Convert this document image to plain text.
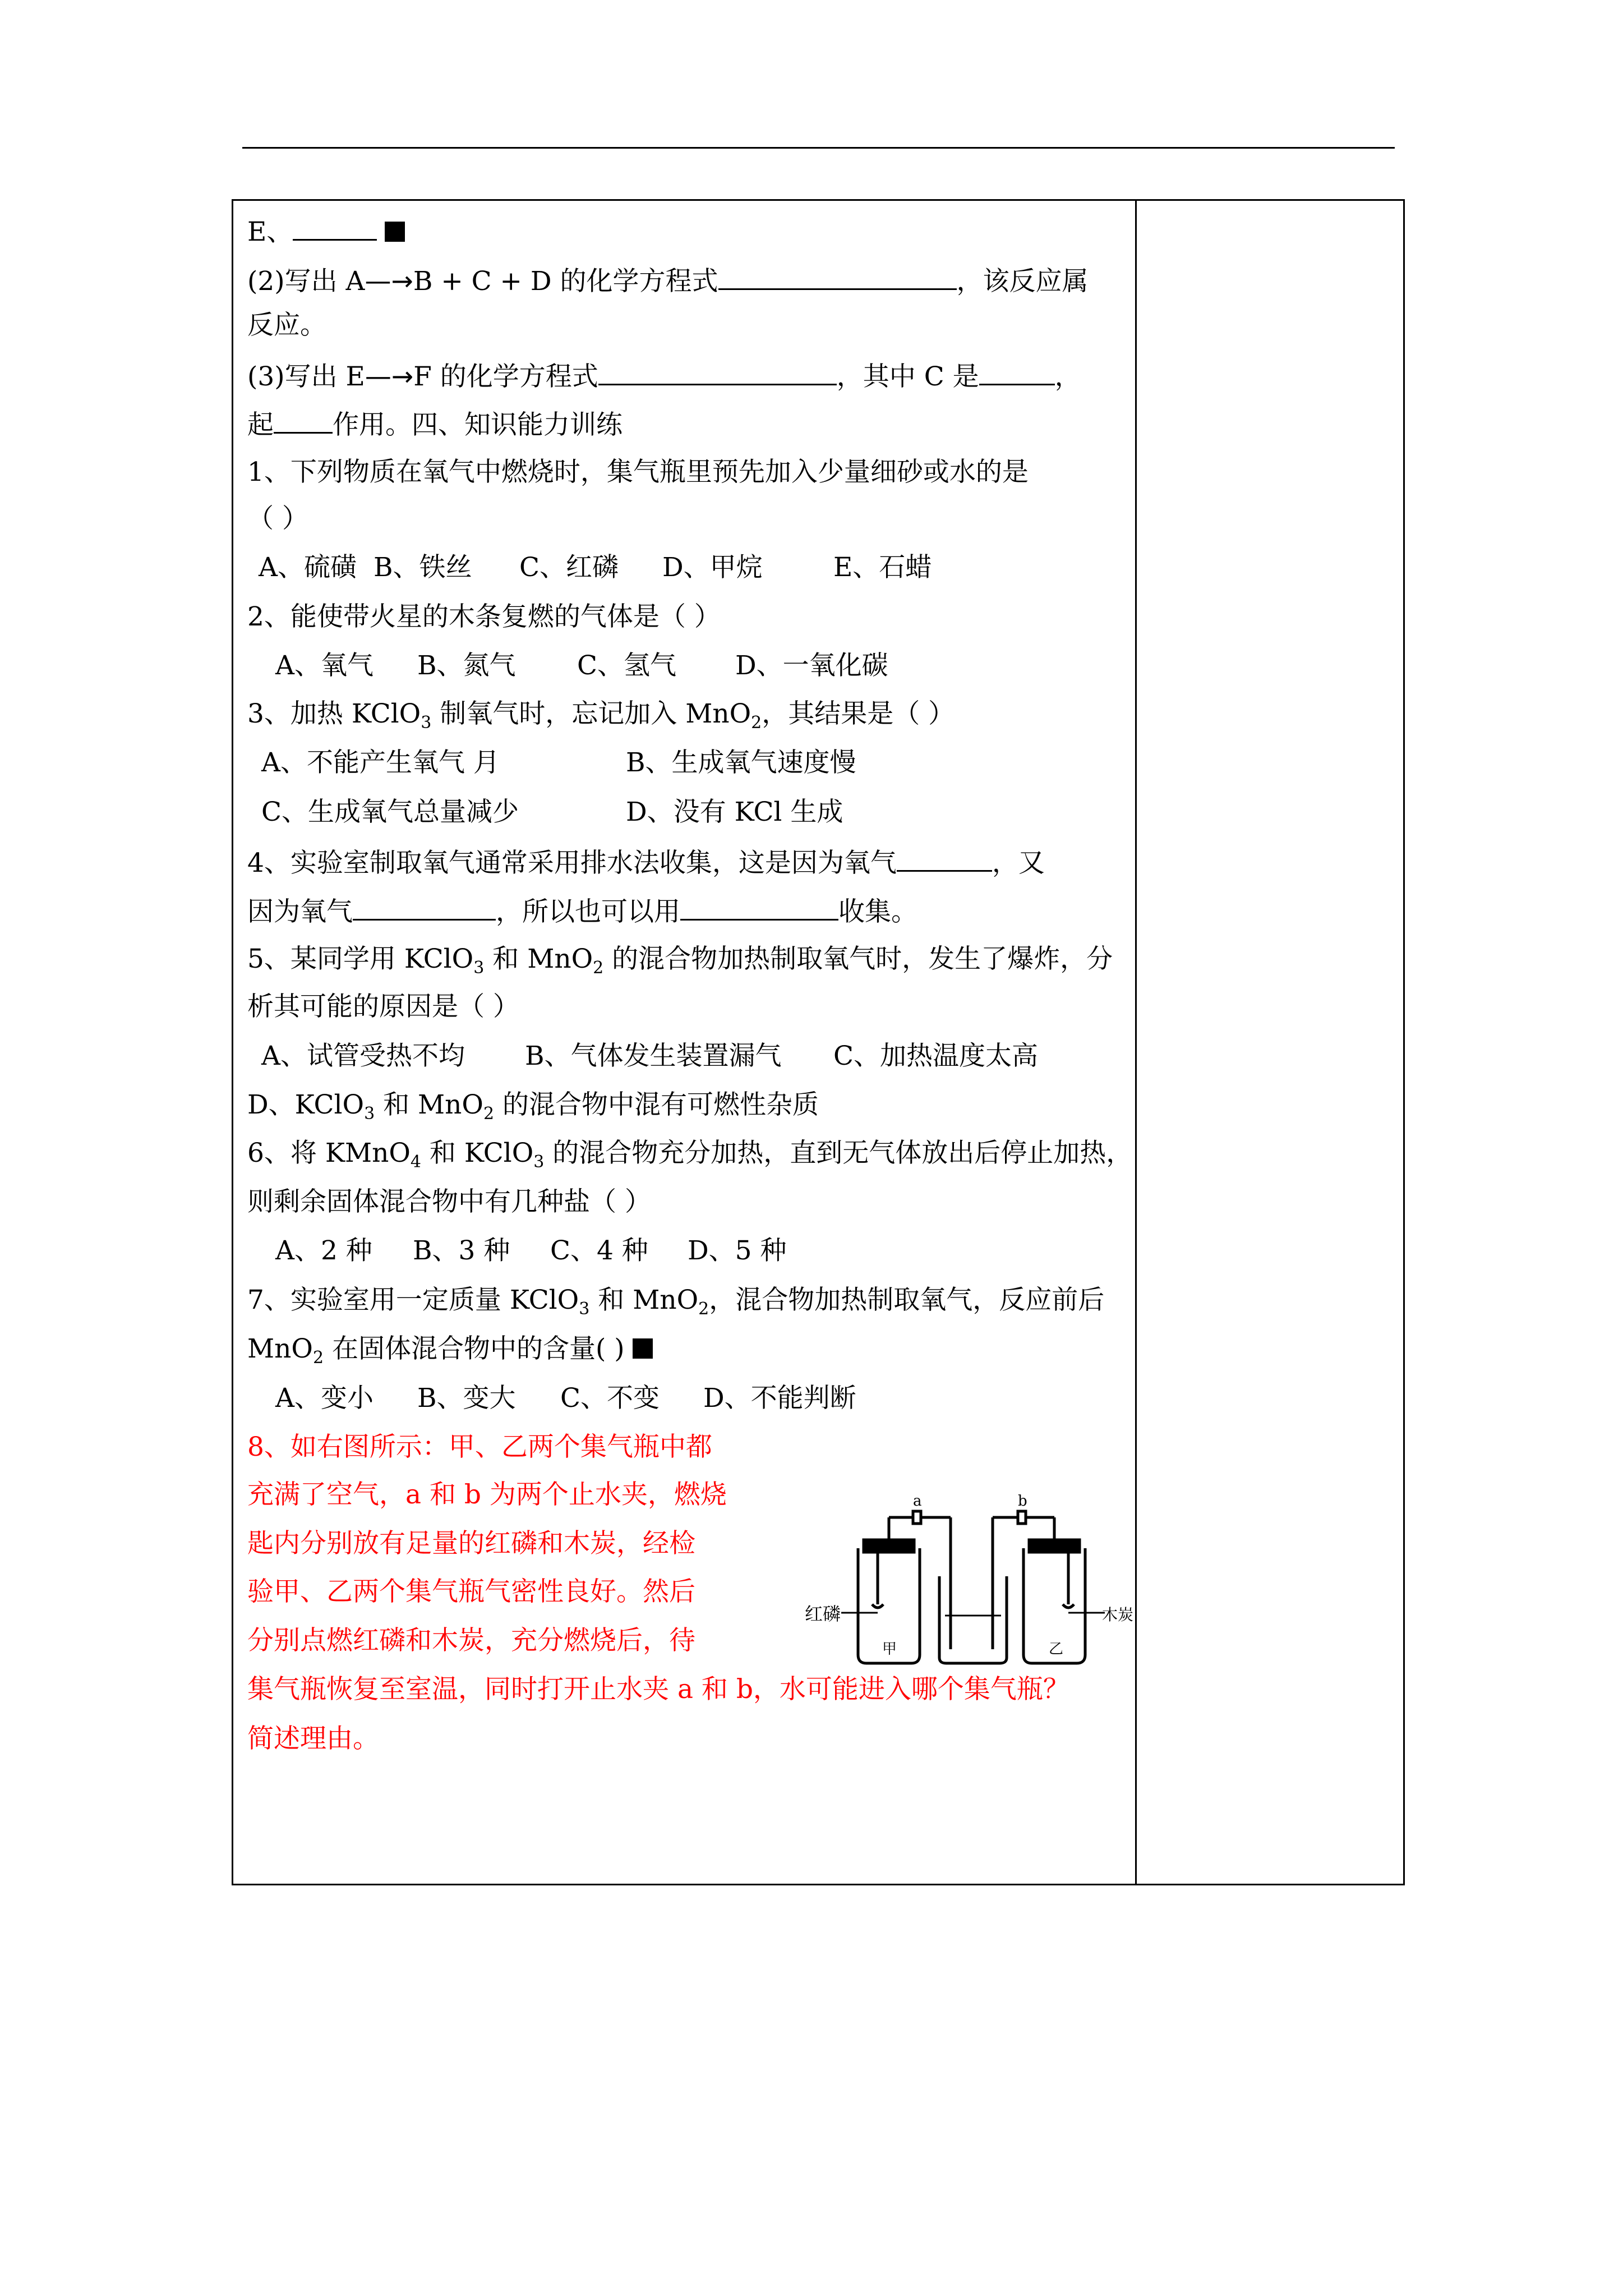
E、
(2)写出 A—→B + C + D 的化学方程式	，该反应属
反应。
(3)写出 E—→F 的化学方程式	，其中 C 是	，
起 作用。四、知识能力训练
1、下列物质在氧气中燃烧时，集气瓶里预先加入少量细砂或水的是
（ ）
A、硫磺 B、铁丝 C、红磷 D、甲烷	E、石蜡
2、能使带火星的木条复燃的气体是（ ）
A、氧气 B、氮气 C、氢气 D、一氧化碳
3、加热 KClO$_3$ 制氧气时，忘记加入 MnO$_2$，其结果是（ ）
A、不能产生氧气 月	B、生成氧气速度慢
C、生成氧气总量减少	D、没有 KCl 生成
4、实验室制取氧气通常采用排水法收集，这是因为氧气	，又
因为氧气	，所以也可以用	收集。
5、某同学用 KClO$_3$ 和 MnO$_2$ 的混合物加热制取氧气时，发生了爆炸，分
析其可能的原因是（ ）
A、试管受热不均 B、气体发生装置漏气 C、加热温度太高
D、KClO$_3$ 和 MnO$_2$ 的混合物中混有可燃性杂质
6、将 KMnO$_4$ 和 KClO$_3$ 的混合物充分加热，直到无气体放出后停止加热，
则剩余固体混合物中有几种盐（ ）
A、2 种 B、3 种 C、4 种 D、5 种
7、实验室用一定质量 KClO$_3$ 和 MnO$_2$，混合物加热制取氧气，反应前后
MnO$_2$ 在固体混合物中的含量( )
A、变小 B、变大 C、不变 D、不能判断
8、如右图所示：甲、乙两个集气瓶中都
充满了空气，a 和 b 为两个止水夹，燃烧
匙内分别放有足量的红磷和木炭，经检
验甲、乙两个集气瓶气密性良好。然后
分别点燃红磷和木炭，充分燃烧后，待
集气瓶恢复至室温，同时打开止水夹 a 和 b，水可能进入哪个集气瓶？
简述理由。
红磷	木炭
a	b
甲	乙
